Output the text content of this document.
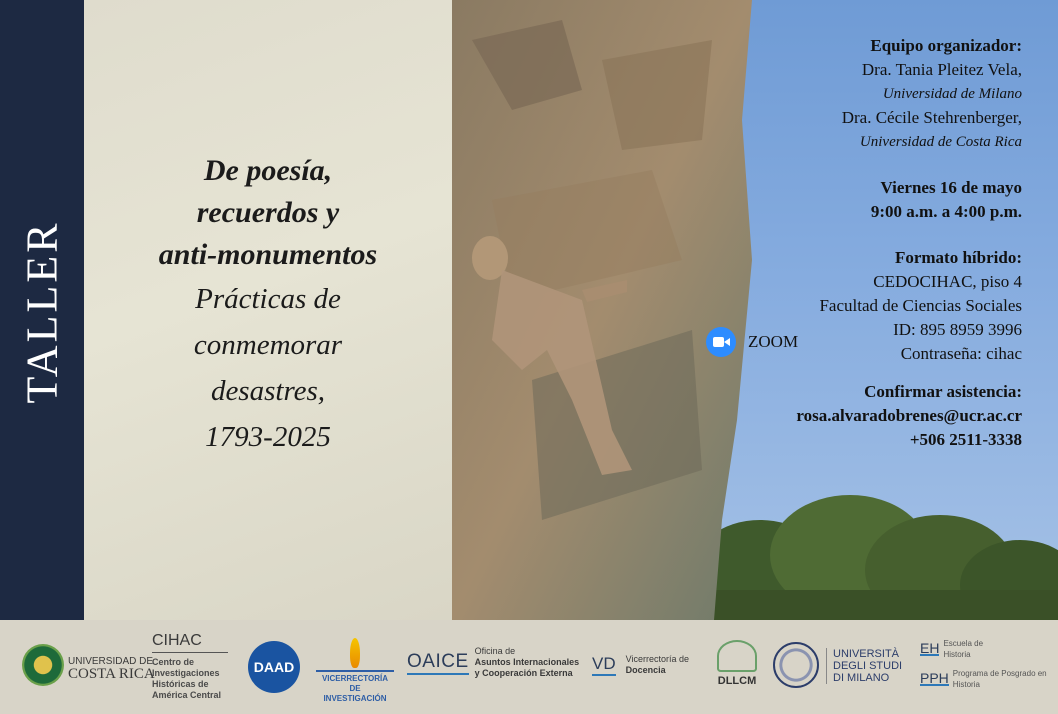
TALLER
De poesía,
recuerdos y
anti-monumentos
Prácticas de
conmemorar
desastres,
1793-2025
Equipo organizador:
Dra. Tania Pleitez Vela,
Universidad de Milano
Dra. Cécile Stehrenberger,
Universidad de Costa Rica
Viernes 16 de mayo
9:00 a.m. a 4:00 p.m.
Formato híbrido:
CEDOCIHAC, piso 4
Facultad de Ciencias Sociales
ZOOM
ID: 895 8959 3996
Contraseña: cihac
Confirmar asistencia:
rosa.alvaradobrenes@ucr.ac.cr
+506 2511-3338
UNIVERSIDAD DE
COSTA RICA
CIHAC
Centro de
Investigaciones
Históricas de
América Central
DAAD
VICERRECTORÍA DE
INVESTIGACIÓN
OAICE Oficina de
Asuntos Internacionales
y Cooperación Externa	VD Vicerrectoría de
Docencia
DLLCM
UNIVERSITÀ
DEGLI STUDI
DI MILANO
EH Escuela de
Historia
PPH Programa de Posgrado en
Historia
